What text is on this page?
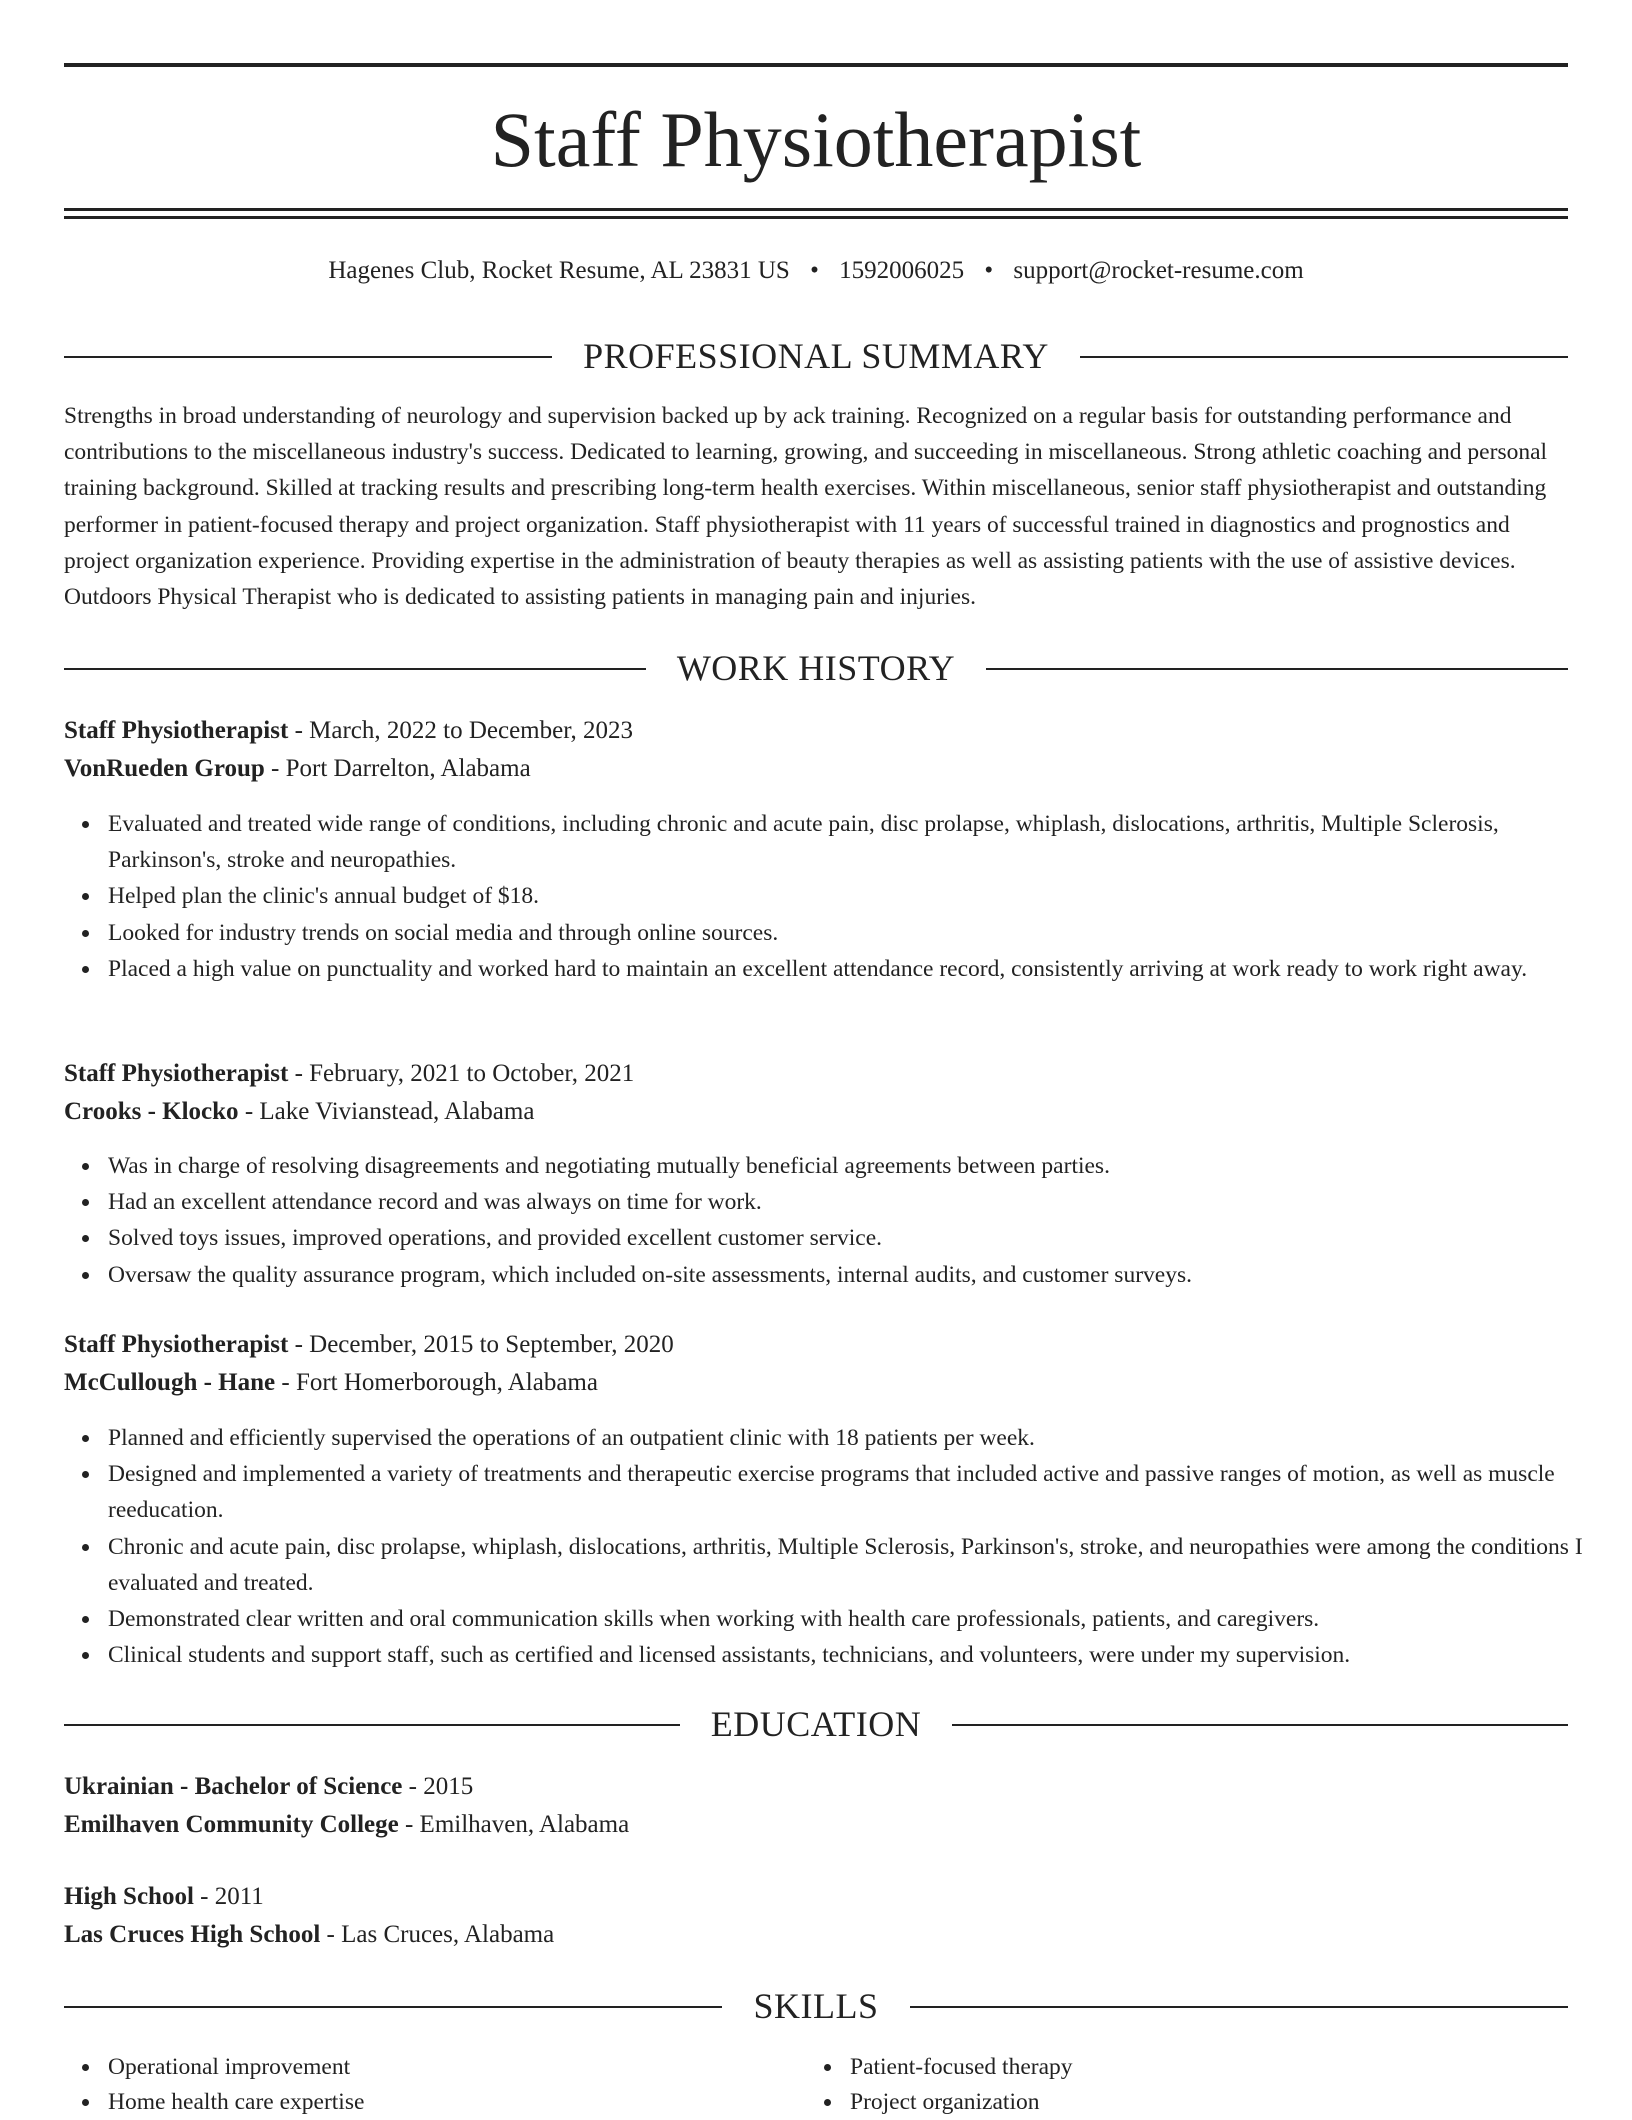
Staff Physiotherapist
Hagenes Club, Rocket Resume, AL 23831 US • 1592006025 • support@rocket-resume.com
PROFESSIONAL SUMMARY

Strengths in broad understanding of neurology and supervision backed up by ack training. Recognized on a regular basis for outstanding performance and contributions to the miscellaneous industry's success. Dedicated to learning, growing, and succeeding in miscellaneous. Strong athletic coaching and personal training background. Skilled at tracking results and prescribing long-term health exercises. Within miscellaneous, senior staff physiotherapist and outstanding performer in patient-focused therapy and project organization. Staff physiotherapist with 11 years of successful trained in diagnostics and prognostics and project organization experience. Providing expertise in the administration of beauty therapies as well as assisting patients with the use of assistive devices. Outdoors Physical Therapist who is dedicated to assisting patients in managing pain and injuries.

WORK HISTORY
Staff Physiotherapist - March, 2022 to December, 2023
VonRueden Group - Port Darrelton, Alabama
Evaluated and treated wide range of conditions, including chronic and acute pain, disc prolapse, whiplash, dislocations, arthritis, Multiple Sclerosis, Parkinson's, stroke and neuropathies.
Helped plan the clinic's annual budget of $18.
Looked for industry trends on social media and through online sources.
Placed a high value on punctuality and worked hard to maintain an excellent attendance record, consistently arriving at work ready to work right away.
Staff Physiotherapist - February, 2021 to October, 2021
Crooks - Klocko - Lake Vivianstead, Alabama
Was in charge of resolving disagreements and negotiating mutually beneficial agreements between parties.
Had an excellent attendance record and was always on time for work.
Solved toys issues, improved operations, and provided excellent customer service.
Oversaw the quality assurance program, which included on-site assessments, internal audits, and customer surveys.
Staff Physiotherapist - December, 2015 to September, 2020
McCullough - Hane - Fort Homerborough, Alabama
Planned and efficiently supervised the operations of an outpatient clinic with 18 patients per week.
Designed and implemented a variety of treatments and therapeutic exercise programs that included active and passive ranges of motion, as well as muscle reeducation.
Chronic and acute pain, disc prolapse, whiplash, dislocations, arthritis, Multiple Sclerosis, Parkinson's, stroke, and neuropathies were among the conditions I evaluated and treated.
Demonstrated clear written and oral communication skills when working with health care professionals, patients, and caregivers.
Clinical students and support staff, such as certified and licensed assistants, technicians, and volunteers, were under my supervision.
EDUCATION
Ukrainian - Bachelor of Science - 2015
Emilhaven Community College - Emilhaven, Alabama
High School - 2011
Las Cruces High School - Las Cruces, Alabama
SKILLS
Operational improvement
Home health care expertise
Patient-focused therapy
Project organization
